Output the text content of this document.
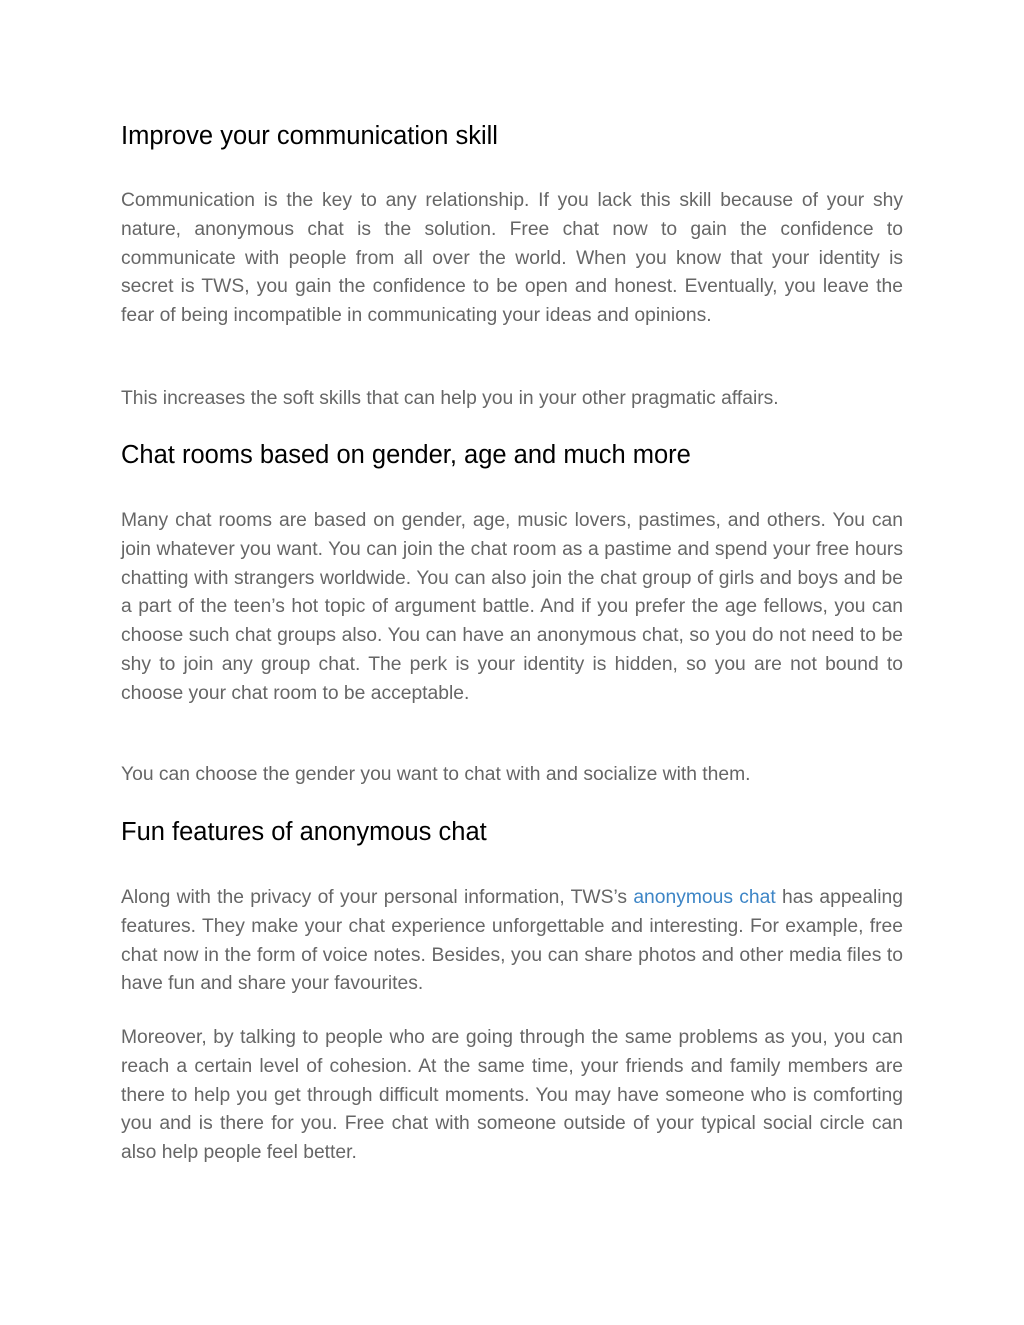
Improve your communication skill

Communication is the key to any relationship. If you lack this skill because of your shy nature, anonymous chat is the solution. Free chat now to gain the confidence to communicate with people from all over the world. When you know that your identity is secret is TWS, you gain the confidence to be open and honest. Eventually, you leave the fear of being incompatible in communicating your ideas and opinions.

This increases the soft skills that can help you in your other pragmatic affairs.

Chat rooms based on gender, age and much more

Many chat rooms are based on gender, age, music lovers, pastimes, and others. You can join whatever you want. You can join the chat room as a pastime and spend your free hours chatting with strangers worldwide. You can also join the chat group of girls and boys and be a part of the teen’s hot topic of argument battle. And if you prefer the age fellows, you can choose such chat groups also. You can have an anonymous chat, so you do not need to be shy to join any group chat. The perk is your identity is hidden, so you are not bound to choose your chat room to be acceptable.

You can choose the gender you want to chat with and socialize with them.

Fun features of anonymous chat

Along with the privacy of your personal information, TWS’s anonymous chat has appealing features. They make your chat experience unforgettable and interesting. For example, free chat now in the form of voice notes. Besides, you can share photos and other media files to have fun and share your favourites.

Moreover, by talking to people who are going through the same problems as you, you can reach a certain level of cohesion. At the same time, your friends and family members are there to help you get through difficult moments. You may have someone who is comforting you and is there for you. Free chat with someone outside of your typical social circle can also help people feel better.
